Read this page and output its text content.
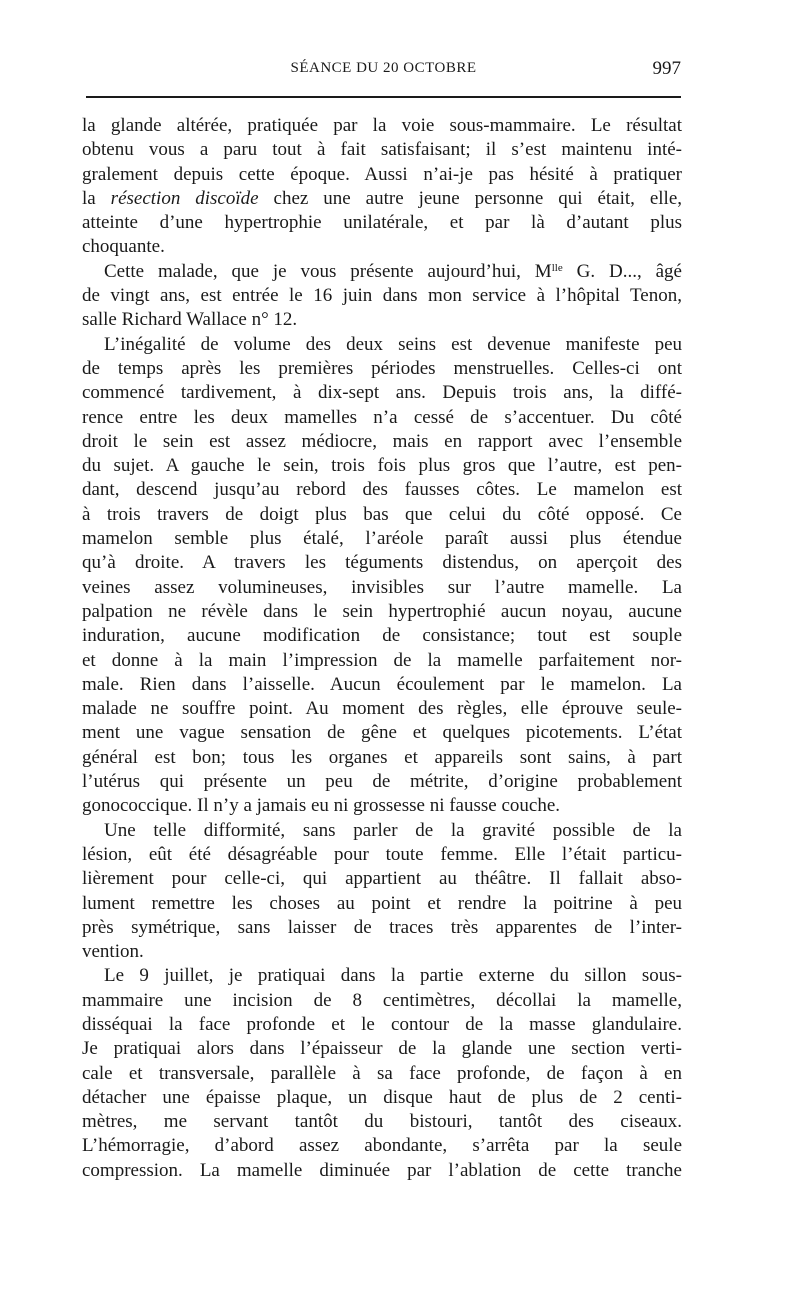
SÉANCE DU 20 OCTOBRE	997
la glande altérée, pratiquée par la voie sous-mammaire. Le résultat
obtenu vous a paru tout à fait satisfaisant; il s’est maintenu inté-
gralement depuis cette époque. Aussi n’ai-je pas hésité à pratiquer
la résection discoïde chez une autre jeune personne qui était, elle,
atteinte d’une hypertrophie unilatérale, et par là d’autant plus
choquante.
Cette malade, que je vous présente aujourd’hui, $M^{lle}$ G. D..., âgé
de vingt ans, est entrée le 16 juin dans mon service à l’hôpital Tenon,
salle Richard Wallace n° 12.
L’inégalité de volume des deux seins est devenue manifeste peu
de temps après les premières périodes menstruelles. Celles-ci ont
commencé tardivement, à dix-sept ans. Depuis trois ans, la diffé-
rence entre les deux mamelles n’a cessé de s’accentuer. Du côté
droit le sein est assez médiocre, mais en rapport avec l’ensemble
du sujet. A gauche le sein, trois fois plus gros que l’autre, est pen-
dant, descend jusqu’au rebord des fausses côtes. Le mamelon est
à trois travers de doigt plus bas que celui du côté opposé. Ce
mamelon semble plus étalé, l’aréole paraît aussi plus étendue
qu’à droite. A travers les téguments distendus, on aperçoit des
veines assez volumineuses, invisibles sur l’autre mamelle. La
palpation ne révèle dans le sein hypertrophié aucun noyau, aucune
induration, aucune modification de consistance; tout est souple
et donne à la main l’impression de la mamelle parfaitement nor-
male. Rien dans l’aisselle. Aucun écoulement par le mamelon. La
malade ne souffre point. Au moment des règles, elle éprouve seule-
ment une vague sensation de gêne et quelques picotements. L’état
général est bon; tous les organes et appareils sont sains, à part
l’utérus qui présente un peu de métrite, d’origine probablement
gonococcique. Il n’y a jamais eu ni grossesse ni fausse couche.
Une telle difformité, sans parler de la gravité possible de la
lésion, eût été désagréable pour toute femme. Elle l’était particu-
lièrement pour celle-ci, qui appartient au théâtre. Il fallait abso-
lument remettre les choses au point et rendre la poitrine à peu
près symétrique, sans laisser de traces très apparentes de l’inter-
vention.
Le 9 juillet, je pratiquai dans la partie externe du sillon sous-
mammaire une incision de 8 centimètres, décollai la mamelle,
disséquai la face profonde et le contour de la masse glandulaire.
Je pratiquai alors dans l’épaisseur de la glande une section verti-
cale et transversale, parallèle à sa face profonde, de façon à en
détacher une épaisse plaque, un disque haut de plus de 2 centi-
mètres, me servant tantôt du bistouri, tantôt des ciseaux.
L’hémorragie, d’abord assez abondante, s’arrêta par la seule
compression. La mamelle diminuée par l’ablation de cette tranche
